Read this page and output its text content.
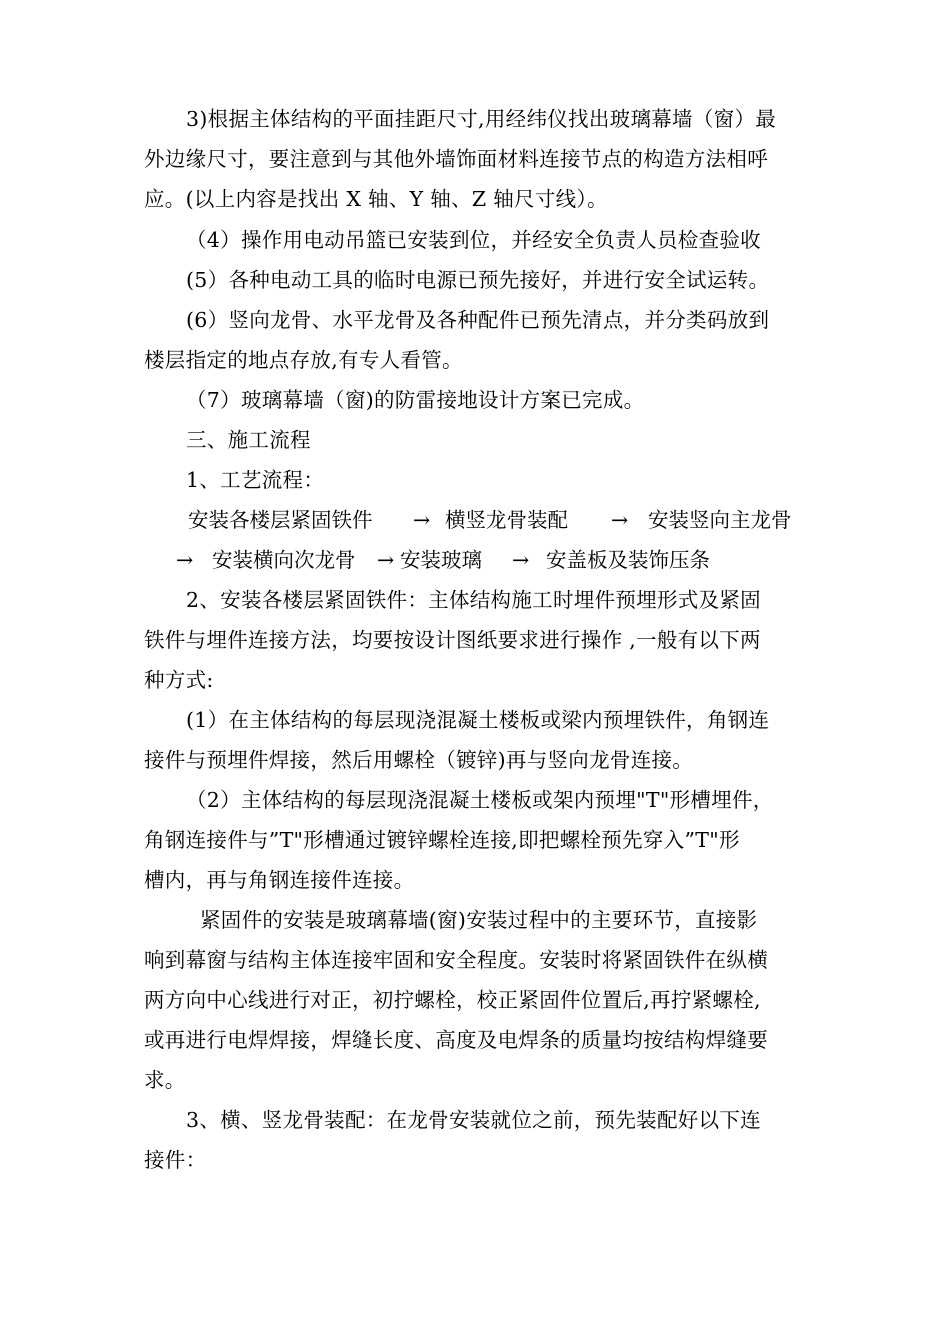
3)根据主体结构的平面挂距尺寸,用经纬仪找出玻璃幕墙（窗）最
外边缘尺寸，要注意到与其他外墙饰面材料连接节点的构造方法相呼
应。(以上内容是找出 X 轴、Y 轴、Z 轴尺寸线）。
（4）操作用电动吊篮已安装到位，并经安全负责人员检查验收
(5）各种电动工具的临时电源已预先接好，并进行安全试运转。
(6）竖向龙骨、水平龙骨及各种配件已预先清点，并分类码放到
楼层指定的地点存放,有专人看管。
（7）玻璃幕墙（窗)的防雷接地设计方案已完成。
三、施工流程
1、工艺流程：
安装各楼层紧固铁件 → 横竖龙骨装配 → 安装竖向主龙骨
→ 安装横向次龙骨 → 安装玻璃 → 安盖板及装饰压条
2、安装各楼层紧固铁件：主体结构施工时埋件预埋形式及紧固
铁件与埋件连接方法，均要按设计图纸要求进行操作 ,一般有以下两
种方式:
(1）在主体结构的每层现浇混凝土楼板或梁内预埋铁件，角钢连
接件与预埋件焊接，然后用螺栓（镀锌)再与竖向龙骨连接。
（2）主体结构的每层现浇混凝土楼板或架内预埋"T"形槽埋件，
角钢连接件与”T"形槽通过镀锌螺栓连接,即把螺栓预先穿入”T"形
槽内，再与角钢连接件连接。
紧固件的安装是玻璃幕墙(窗)安装过程中的主要环节，直接影
响到幕窗与结构主体连接牢固和安全程度。安装时将紧固铁件在纵横
两方向中心线进行对正，初拧螺栓，校正紧固件位置后,再拧紧螺栓,
或再进行电焊焊接，焊缝长度、高度及电焊条的质量均按结构焊缝要
求。
3、横、竖龙骨装配：在龙骨安装就位之前，预先装配好以下连
接件：
